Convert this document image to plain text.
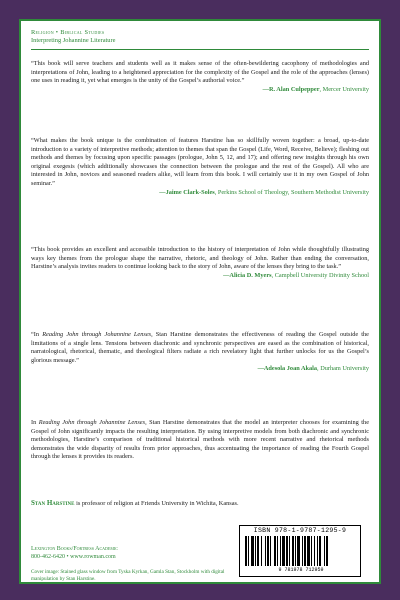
Religion • Biblical Studies
Interpreting Johannine Literature

“This book will serve teachers and students well as it makes sense of the often-bewildering cacophony of methodologies and interpretations of John, leading to a heightened appreciation for the complexity of the Gospel and the role of the approaches (lenses) one uses in reading it, yet what emerges is the unity of the Gospel’s authorial voice.”

—R. Alan Culpepper, Mercer University

“What makes the book unique is the combination of features Harstine has so skillfully woven together: a broad, up-to-date introduction to a variety of interpretive methods; attention to themes that span the Gospel (Life, Word, Receive, Believe); fleshing out methods and themes by focusing upon specific passages (prologue, John 5, 12, and 17); and offering new insights through his own original exegesis (which additionally showcases the connection between the prologue and the rest of the Gospel). All who are interested in John, novices and seasoned readers alike, will learn from this book. I will certainly use it in my own Gospel of John seminar.”

—Jaime Clark-Soles, Perkins School of Theology, Southern Methodist University

“This book provides an excellent and accessible introduction to the history of interpretation of John while thoughtfully illustrating ways key themes from the prologue shape the narrative, rhetoric, and theology of John. Rather than ending the conversation, Harstine’s analysis invites readers to continue looking back to the story of John, aware of the lenses they bring to the task.”

—Alicia D. Myers, Campbell University Divinity School

“In Reading John through Johannine Lenses, Stan Harstine demonstrates the effectiveness of reading the Gospel outside the limitations of a single lens. Tensions between diachronic and synchronic perspectives are eased as the combination of historical, narratological, rhetorical, thematic, and theological filters radiate a rich revelatory light that further unlocks for us the Gospel’s glorious message.”

—Adesola Joan Akala, Durham University

In Reading John through Johannine Lenses, Stan Harstine demonstrates that the model an interpreter chooses for examining the Gospel of John significantly impacts the resulting interpretation. By using interpretive models from both diachronic and synchronic methodologies, Harstine’s comparison of traditional historical methods with more recent narrative and rhetorical methods demonstrates the wide disparity of results from prior approaches, thus accentuating the importance of reading the Fourth Gospel through the lenses it provides its readers.

Stan Harstine is professor of religion at Friends University in Wichita, Kansas.

Lexington Books/Fortress Academic
800-462-6420 • www.rowman.com
ISBN 978-1-9787-1295-9
9 781978 712959
Cover image: Stained glass window from Tyska Kyrkan, Gamla Stan, Stockholm with digital manipulation by Stan Harstine.
